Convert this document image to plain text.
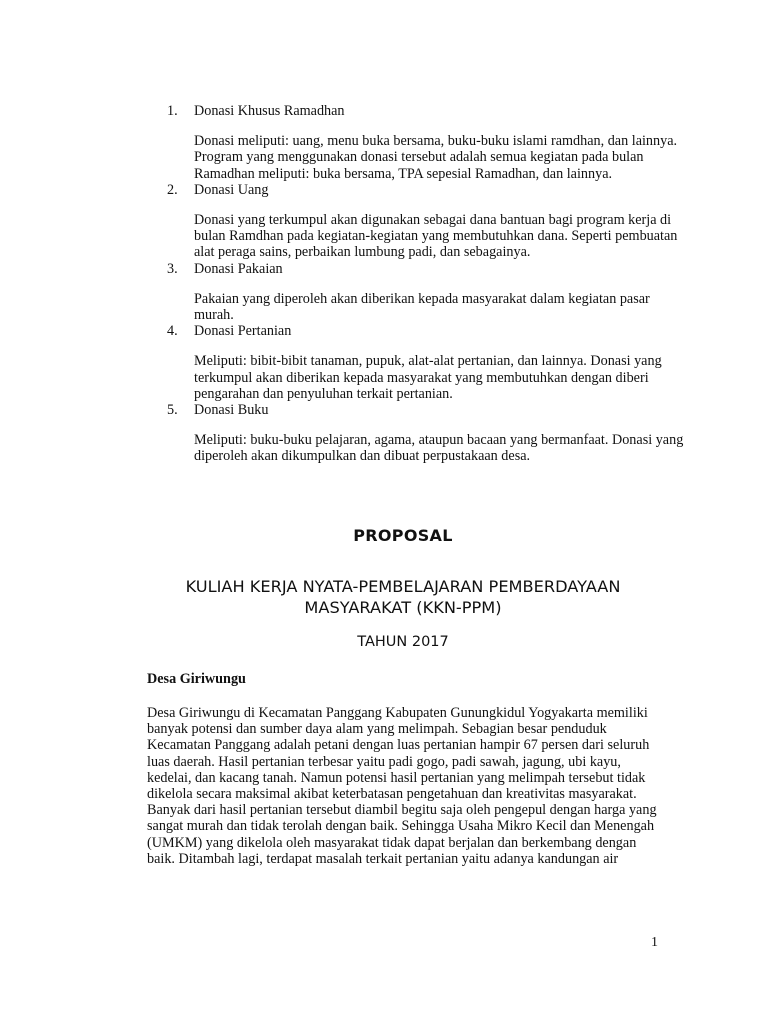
1.	Donasi Khusus Ramadhan
Donasi meliputi: uang, menu buka bersama, buku-buku islami ramdhan, dan lainnya. Program yang menggunakan donasi tersebut adalah semua kegiatan pada bulan Ramadhan meliputi: buka bersama, TPA sepesial Ramadhan, dan lainnya.
2.	Donasi Uang
Donasi yang terkumpul akan digunakan sebagai dana bantuan bagi program kerja di bulan Ramdhan pada kegiatan-kegiatan yang membutuhkan dana. Seperti pembuatan alat peraga sains, perbaikan lumbung padi, dan sebagainya.
3.	Donasi Pakaian
Pakaian yang diperoleh akan diberikan kepada masyarakat dalam kegiatan pasar murah.
4.	Donasi Pertanian
Meliputi: bibit-bibit tanaman, pupuk, alat-alat pertanian, dan lainnya. Donasi yang terkumpul akan diberikan kepada masyarakat yang membutuhkan dengan diberi pengarahan dan penyuluhan terkait pertanian.
5.	Donasi Buku
Meliputi: buku-buku pelajaran, agama, ataupun bacaan yang bermanfaat. Donasi yang diperoleh akan dikumpulkan dan dibuat perpustakaan desa.
PROPOSAL
KULIAH KERJA NYATA-PEMBELAJARAN PEMBERDAYAAN MASYARAKAT (KKN-PPM)
TAHUN 2017
Desa Giriwungu

Desa Giriwungu di Kecamatan Panggang Kabupaten Gunungkidul Yogyakarta memiliki banyak potensi dan sumber daya alam yang melimpah. Sebagian besar penduduk Kecamatan Panggang adalah petani dengan luas pertanian hampir 67 persen dari seluruh luas daerah. Hasil pertanian terbesar yaitu padi gogo, padi sawah, jagung, ubi kayu, kedelai, dan kacang tanah. Namun potensi hasil pertanian yang melimpah tersebut tidak dikelola secara maksimal akibat keterbatasan pengetahuan dan kreativitas masyarakat. Banyak dari hasil pertanian tersebut diambil begitu saja oleh pengepul dengan harga yang sangat murah dan tidak terolah dengan baik. Sehingga Usaha Mikro Kecil dan Menengah (UMKM) yang dikelola oleh masyarakat tidak dapat berjalan dan berkembang dengan baik. Ditambah lagi, terdapat masalah terkait pertanian yaitu adanya kandungan air

1
